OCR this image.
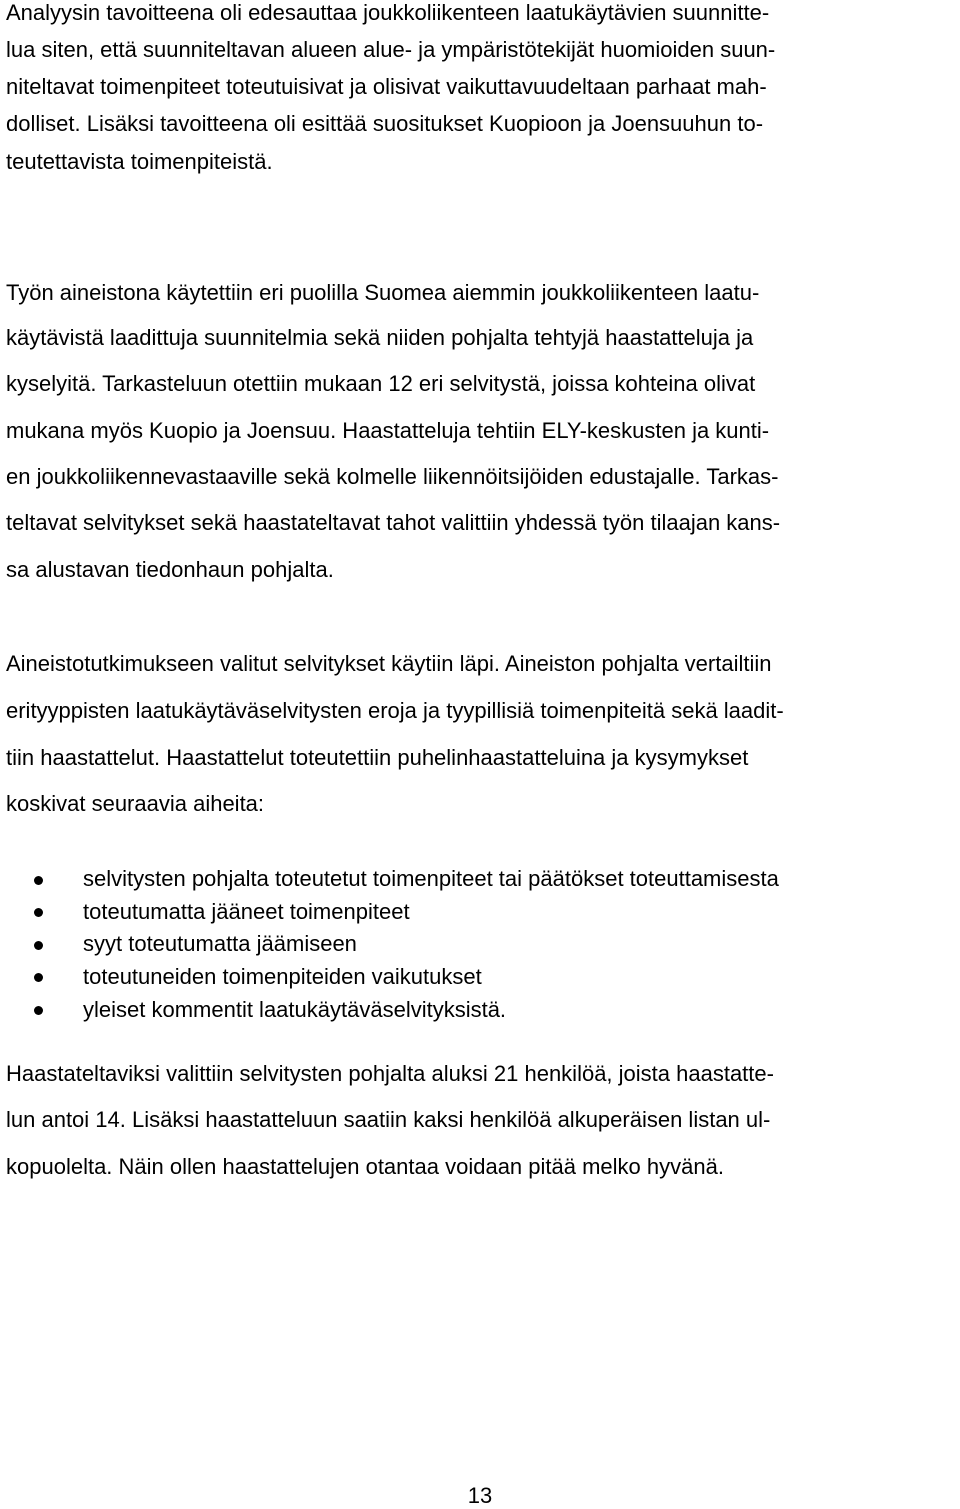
Analyysin tavoitteena oli edesauttaa joukkoliikenteen laatukäytävien suunnitte-
lua siten, että suunniteltavan alueen alue- ja ympäristötekijät huomioiden suun-
niteltavat toimenpiteet toteutuisivat ja olisivat vaikuttavuudeltaan parhaat mah-
dolliset. Lisäksi tavoitteena oli esittää suositukset Kuopioon ja Joensuuhun to-
teutettavista toimenpiteistä.
Työn aineistona käytettiin eri puolilla Suomea aiemmin joukkoliikenteen laatu-
käytävistä laadittuja suunnitelmia sekä niiden pohjalta tehtyjä haastatteluja ja
kyselyitä. Tarkasteluun otettiin mukaan 12 eri selvitystä, joissa kohteina olivat
mukana myös Kuopio ja Joensuu. Haastatteluja tehtiin ELY-keskusten ja kunti-
en joukkoliikennevastaaville sekä kolmelle liikennöitsijöiden edustajalle. Tarkas-
teltavat selvitykset sekä haastateltavat tahot valittiin yhdessä työn tilaajan kans-
sa alustavan tiedonhaun pohjalta.
Aineistotutkimukseen valitut selvitykset käytiin läpi. Aineiston pohjalta vertailtiin
erityyppisten laatukäytäväselvitysten eroja ja tyypillisiä toimenpiteitä sekä laadit-
tiin haastattelut. Haastattelut toteutettiin puhelinhaastatteluina ja kysymykset
koskivat seuraavia aiheita:
selvitysten pohjalta toteutetut toimenpiteet tai päätökset toteuttamisesta
toteutumatta jääneet toimenpiteet
syyt toteutumatta jäämiseen
toteutuneiden toimenpiteiden vaikutukset
yleiset kommentit laatukäytäväselvityksistä.
Haastateltaviksi valittiin selvitysten pohjalta aluksi 21 henkilöä, joista haastatte-
lun antoi 14. Lisäksi haastatteluun saatiin kaksi henkilöä alkuperäisen listan ul-
kopuolelta. Näin ollen haastattelujen otantaa voidaan pitää melko hyvänä.
13
